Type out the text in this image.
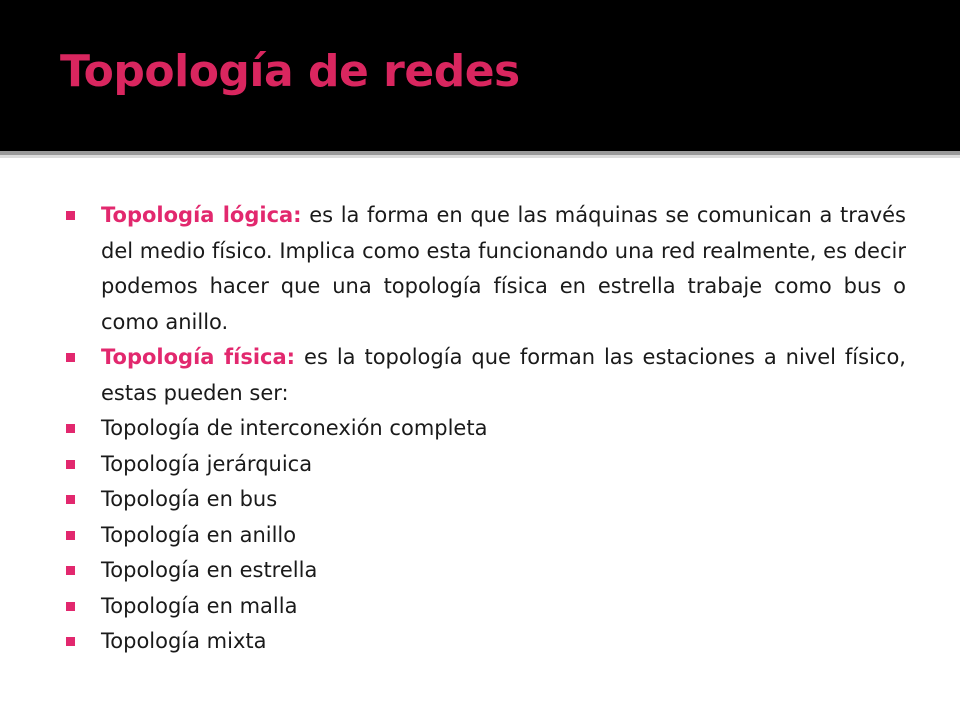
Topología de redes
Topología lógica: es la forma en que las máquinas se comunican a través del medio físico. Implica como esta funcionando una red realmente, es decir podemos hacer que una topología física en estrella trabaje como bus o como anillo.
Topología física: es la topología que forman las estaciones a nivel físico, estas pueden ser:
Topología de interconexión completa
Topología jerárquica
Topología en bus
Topología en anillo
Topología en estrella
Topología en malla
Topología mixta
